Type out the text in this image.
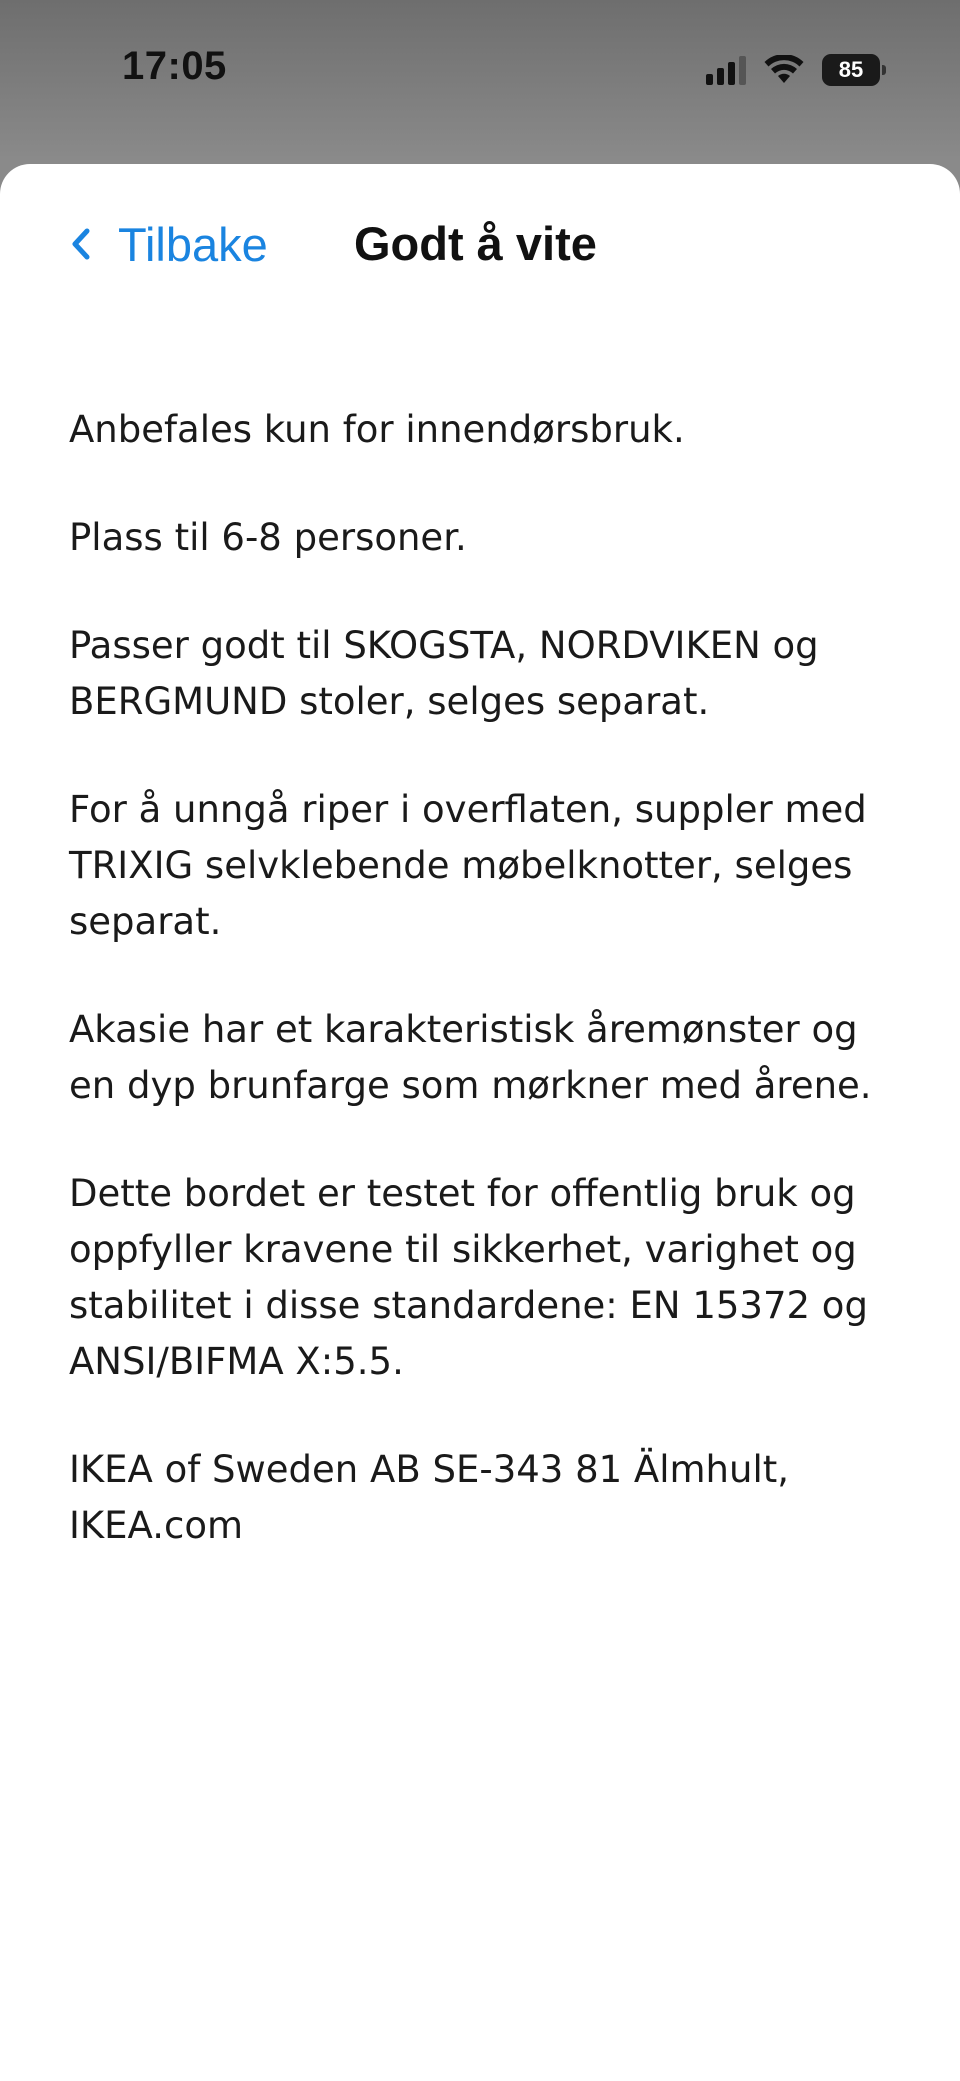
17:05	85
Tilbake Godt å vite

Anbefales kun for innendørsbruk.

Plass til 6-8 personer.

Passer godt til SKOGSTA, NORDVIKEN og BERGMUND stoler, selges separat.

For å unngå riper i overflaten, suppler med TRIXIG selvklebende møbelknotter, selges separat.

Akasie har et karakteristisk åremønster og en dyp brunfarge som mørkner med årene.

Dette bordet er testet for offentlig bruk og oppfyller kravene til sikkerhet, varighet og stabilitet i disse standardene: EN 15372 og ANSI/BIFMA X:5.5.

IKEA of Sweden AB SE-343 81 Älmhult, IKEA.com
